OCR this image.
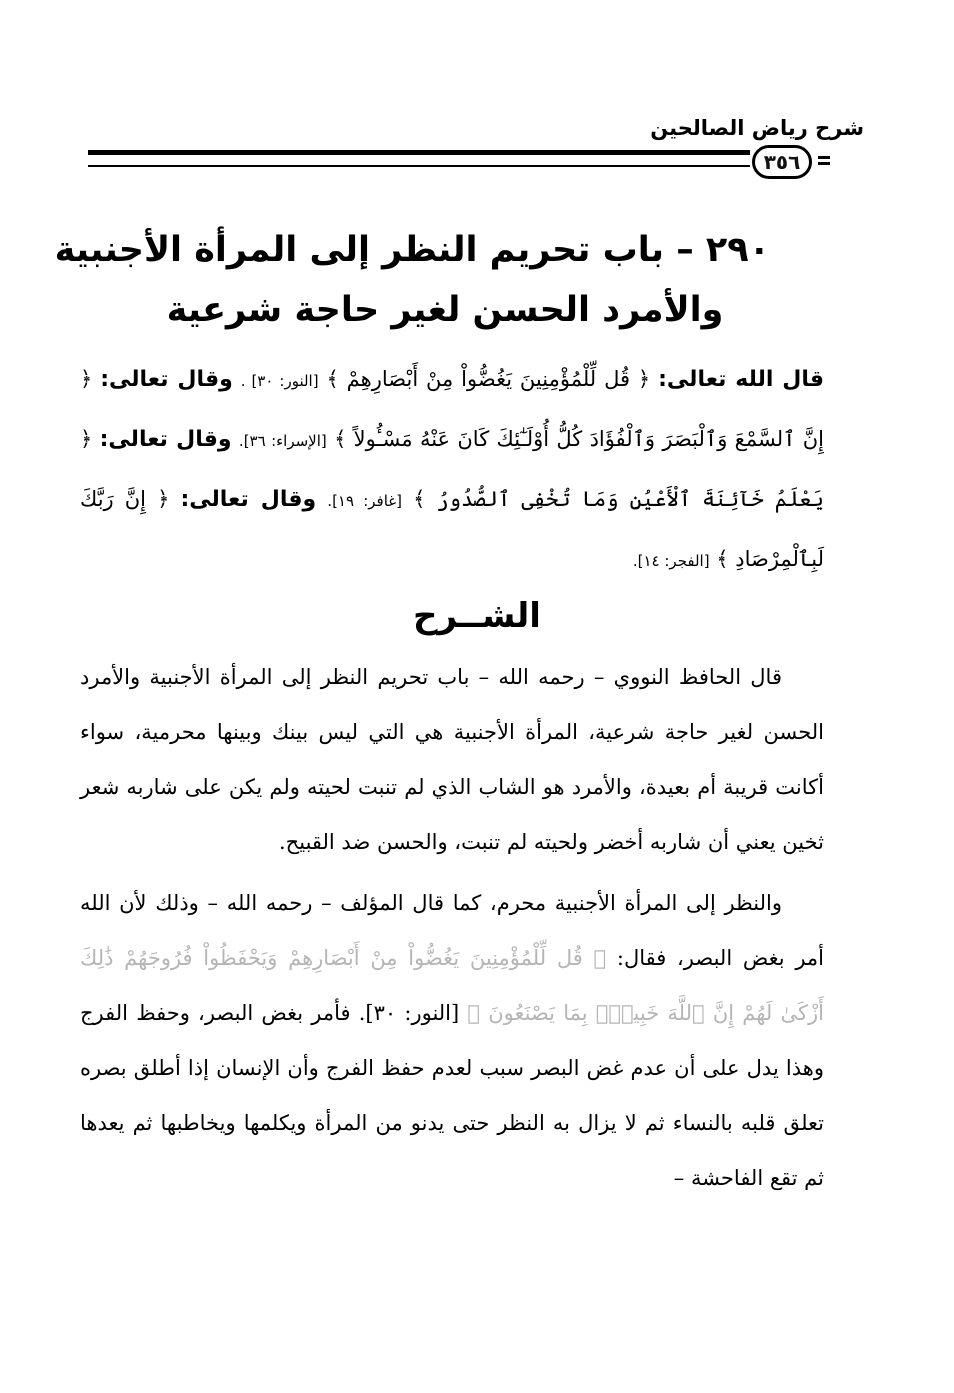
شرح رياض الصالحين
٣٥٦
٢٩٠ – باب تحريم النظر إلى المرأة الأجنبية
والأمرد الحسن لغير حاجة شرعية
قال الله تعالى: ﴿ قُل لِّلْمُؤْمِنِينَ يَغُضُّواْ مِنْ أَبْصَارِهِمْ ﴾ [النور: ٣٠] . وقال تعالى: ﴿ إِنَّ ٱلسَّمْعَ وَٱلْبَصَرَ وَٱلْفُؤَادَ كُلُّ أُوْلَـٰٓئِكَ كَانَ عَنْهُ مَسْـُٔولاً ﴾ [الإسراء: ٣٦]. وقال تعالى: ﴿ يَعْلَمُ خَآئِنَةَ ٱلْأَعْيُنِ وَمَا تُخْفِى ٱلصُّدُورُ ﴾ [غافر: ١٩]. وقال تعالى: ﴿ إِنَّ رَبَّكَ لَبِٱلْمِرْصَادِ ﴾ [الفجر: ١٤].
الشــرح

قال الحافظ النووي – رحمه الله – باب تحريم النظر إلى المرأة الأجنبية والأمرد الحسن لغير حاجة شرعية، المرأة الأجنبية هي التي ليس بينك وبينها محرمية، سواء أكانت قريبة أم بعيدة، والأمرد هو الشاب الذي لم تنبت لحيته ولم يكن على شاربه شعر ثخين يعني أن شاربه أخضر ولحيته لم تنبت، والحسن ضد القبيح.

والنظر إلى المرأة الأجنبية محرم، كما قال المؤلف – رحمه الله – وذلك لأن الله أمر بغض البصر، فقال: ﴿ قُل لِّلْمُؤْمِنِينَ يَغُضُّواْ مِنْ أَبْصَارِهِمْ وَيَحْفَظُواْ فُرُوجَهُمْ ذَٰلِكَ أَزْكَىٰ لَهُمْ إِنَّ ٱللَّهَ خَبِيرٌۢ بِمَا يَصْنَعُونَ ﴾ [النور: ٣٠]. فأمر بغض البصر، وحفظ الفرج وهذا يدل على أن عدم غض البصر سبب لعدم حفظ الفرج وأن الإنسان إذا أطلق بصره تعلق قلبه بالنساء ثم لا يزال به النظر حتى يدنو من المرأة ويكلمها ويخاطبها ثم يعدها ثم تقع الفاحشة –
